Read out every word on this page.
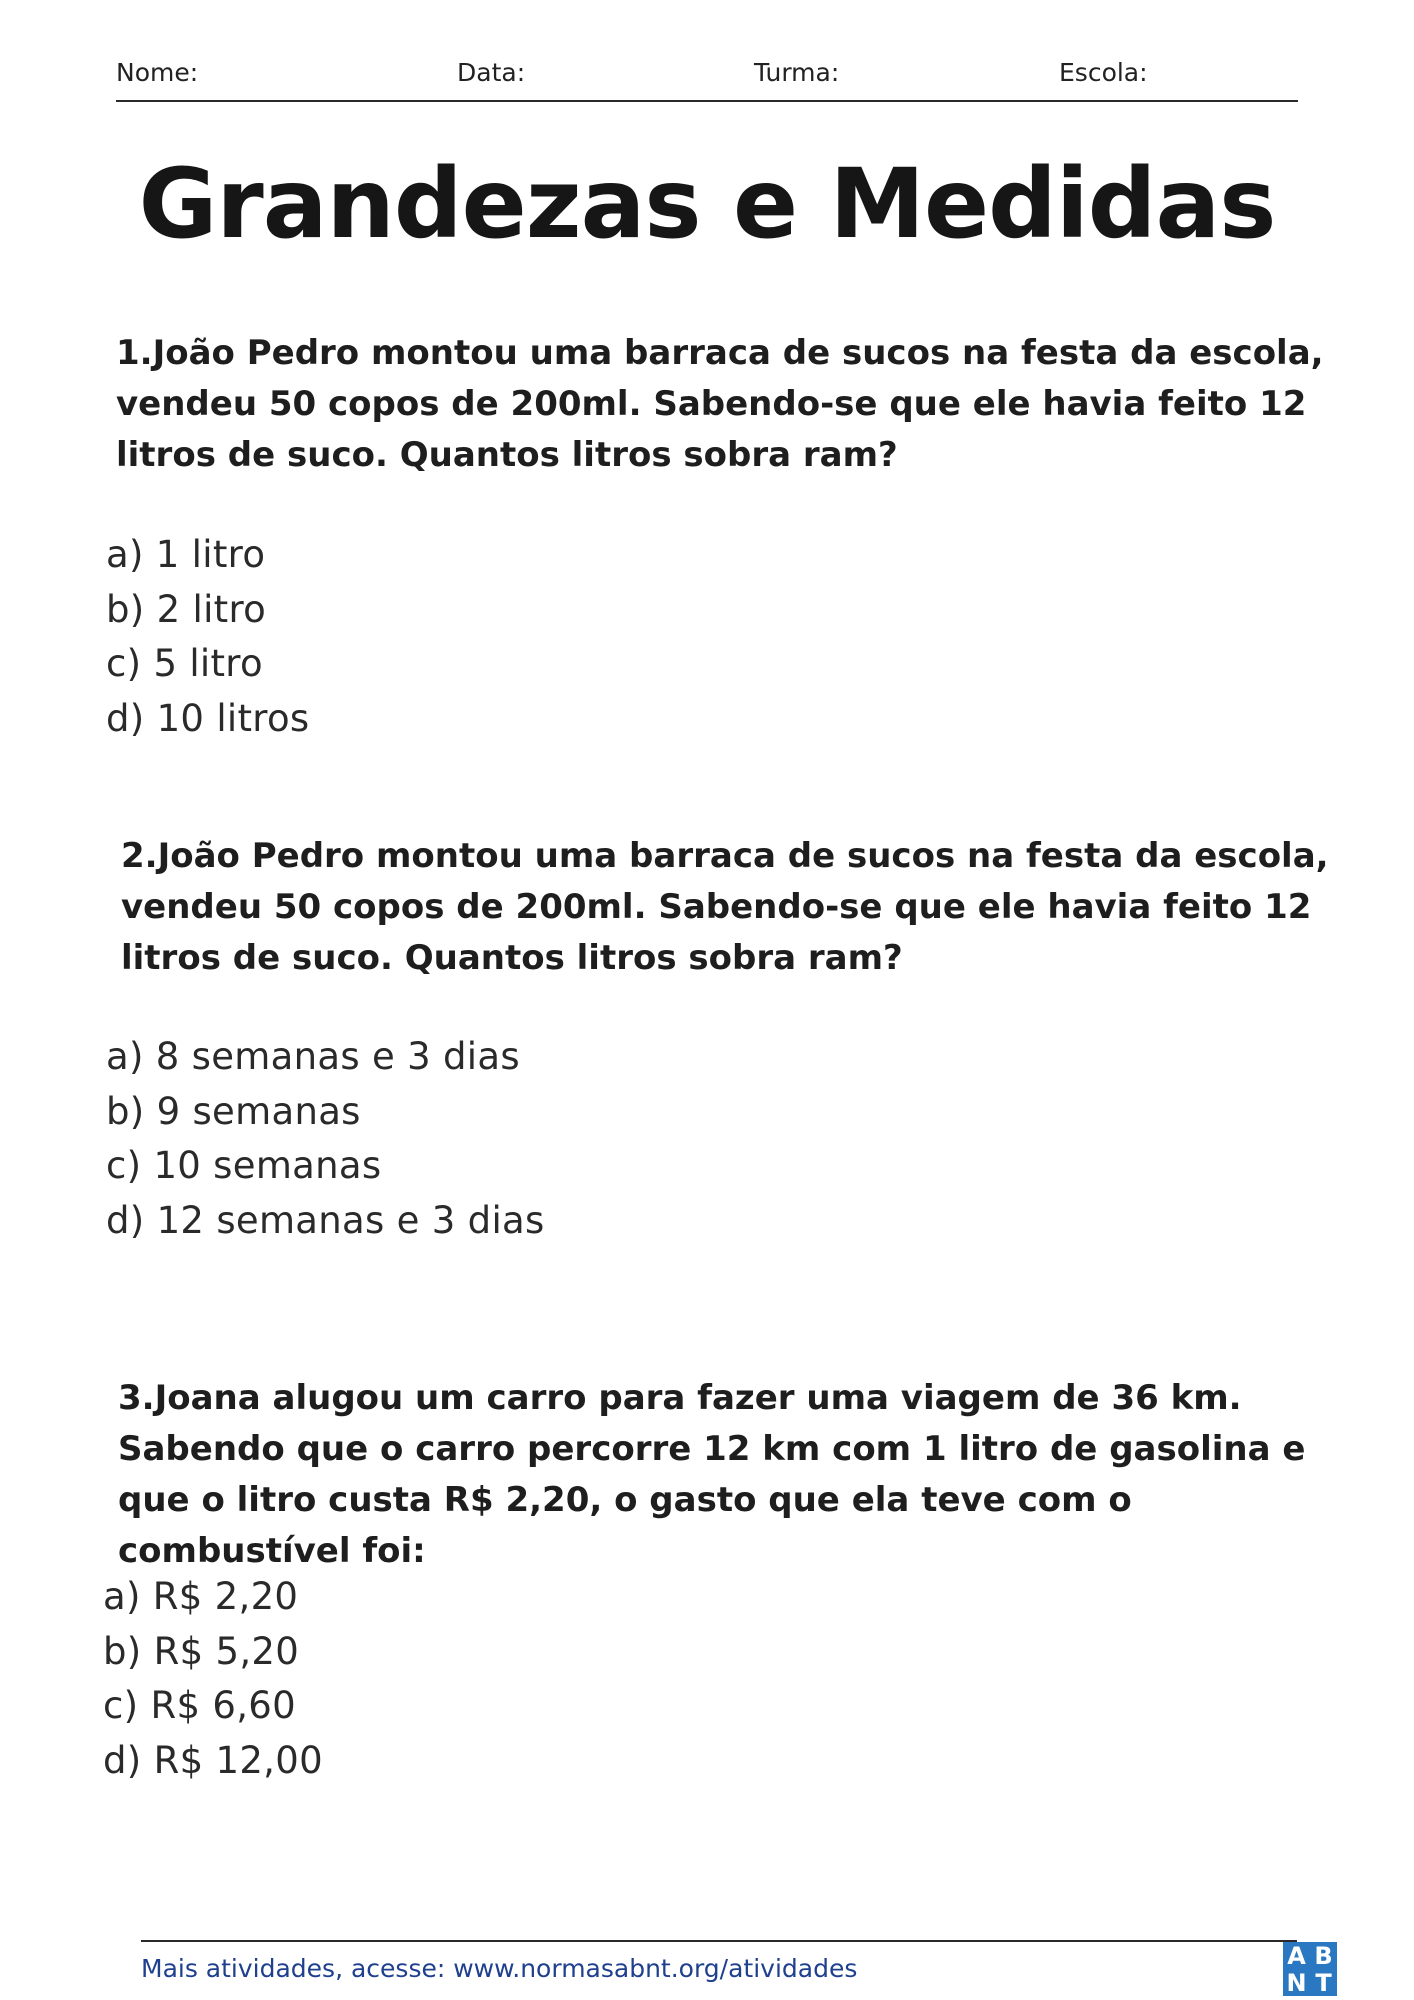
Nome:	Data:	Turma:	Escola:
Grandezas e Medidas
1.João Pedro montou uma barraca de sucos na festa da escola, vendeu 50 copos de 200ml. Sabendo-se que ele havia feito 12 litros de suco. Quantos litros sobra ram?
a) 1 litro
b) 2 litro
c) 5 litro
d) 10 litros
2.João Pedro montou uma barraca de sucos na festa da escola, vendeu 50 copos de 200ml. Sabendo-se que ele havia feito 12 litros de suco. Quantos litros sobra ram?
a) 8 semanas e 3 dias
b) 9 semanas
c) 10 semanas
d) 12 semanas e 3 dias
3.Joana alugou um carro para fazer uma viagem de 36 km. Sabendo que o carro percorre 12 km com 1 litro de gasolina e que o litro custa R$ 2,20, o gasto que ela teve com o combustível foi:
a) R$ 2,20
b) R$ 5,20
c) R$ 6,60
d) R$ 12,00
Mais atividades, acesse: www.normasabnt.org/atividades	A B
N T
